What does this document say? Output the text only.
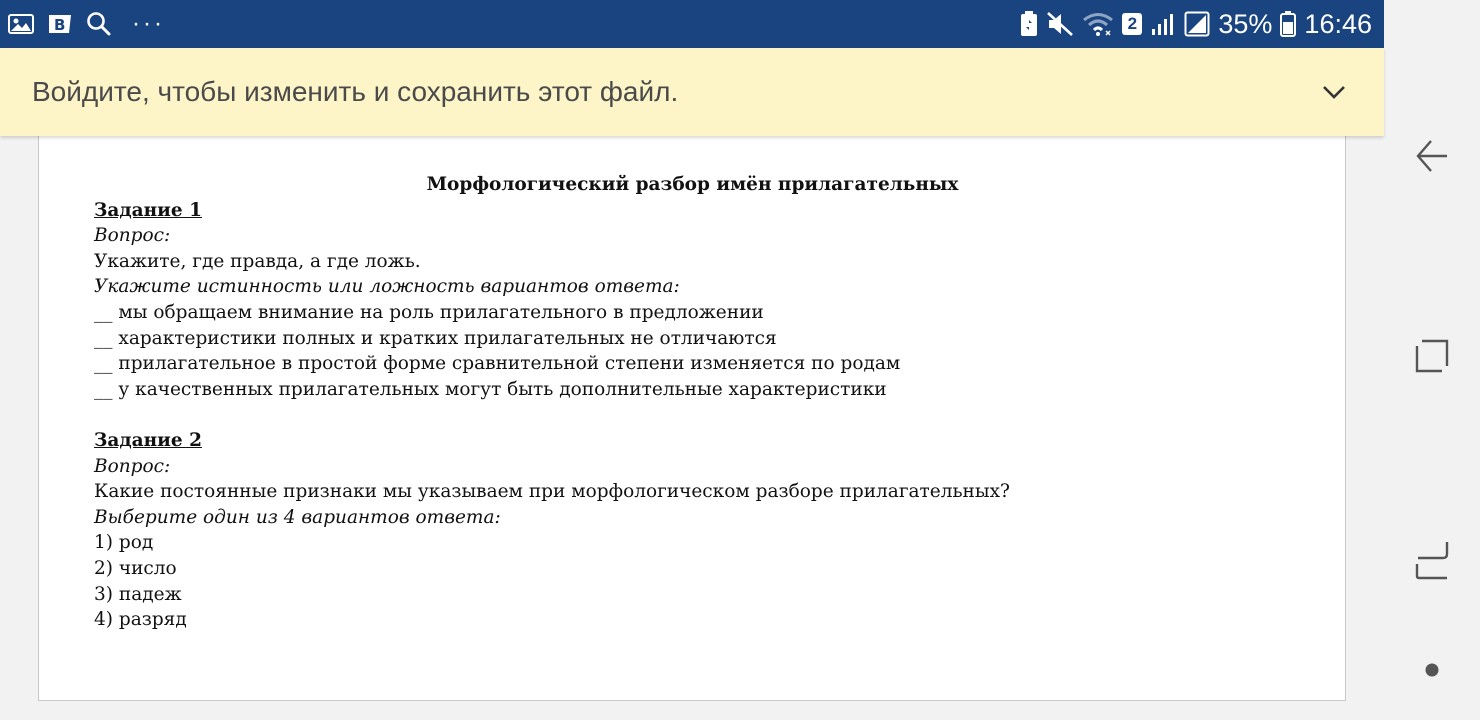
B	···	2	35% 16:46
Войдите, чтобы изменить и сохранить этот файл.
Морфологический разбор имён прилагательных
Задание 1
Вопрос:
Укажите, где правда, а где ложь.
Укажите истинность или ложность вариантов ответа:
__ мы обращаем внимание на роль прилагательного в предложении
__ характеристики полных и кратких прилагательных не отличаются
__ прилагательное в простой форме сравнительной степени изменяется по родам
__ у качественных прилагательных могут быть дополнительные характеристики
Задание 2
Вопрос:
Какие постоянные признаки мы указываем при морфологическом разборе прилагательных?
Выберите один из 4 вариантов ответа:
1) род
2) число
3) падеж
4) разряд
